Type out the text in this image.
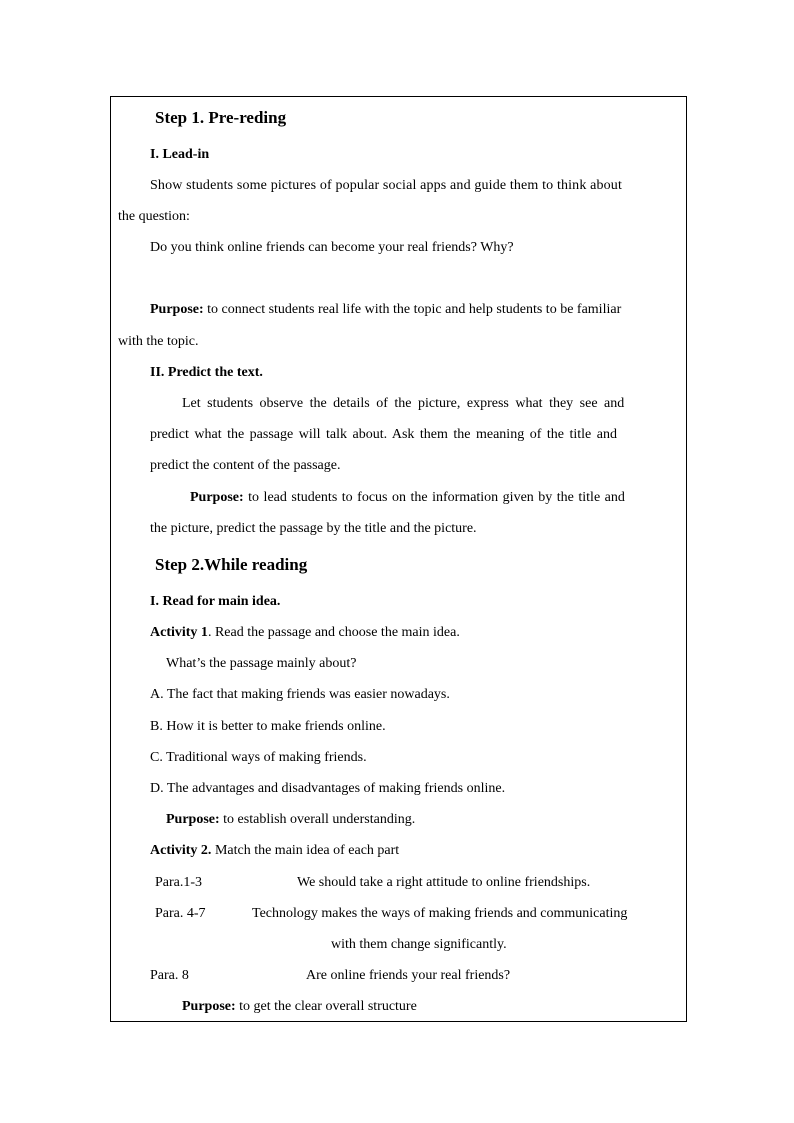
Step 1. Pre-reding
I. Lead-in
Show students some pictures of popular social apps and guide them to think about
the question:
Do you think online friends can become your real friends? Why?
Purpose: to connect students real life with the topic and help students to be familiar
with the topic.
II. Predict the text.
Let students observe the details of the picture, express what they see and
predict what the passage will talk about. Ask them the meaning of the title and
predict the content of the passage.
Purpose: to lead students to focus on the information given by the title and
the picture, predict the passage by the title and the picture.
Step 2.While reading
I. Read for main idea.
Activity 1. Read the passage and choose the main idea.
What’s the passage mainly about?
A. The fact that making friends was easier nowadays.
B. How it is better to make friends online.
C. Traditional ways of making friends.
D. The advantages and disadvantages of making friends online.
Purpose: to establish overall understanding.
Activity 2. Match the main idea of each part
Para.1-3	We should take a right attitude to online friendships.
Para. 4-7	Technology makes the ways of making friends and communicating
with them change significantly.
Para. 8	Are online friends your real friends?
Purpose: to get the clear overall structure
